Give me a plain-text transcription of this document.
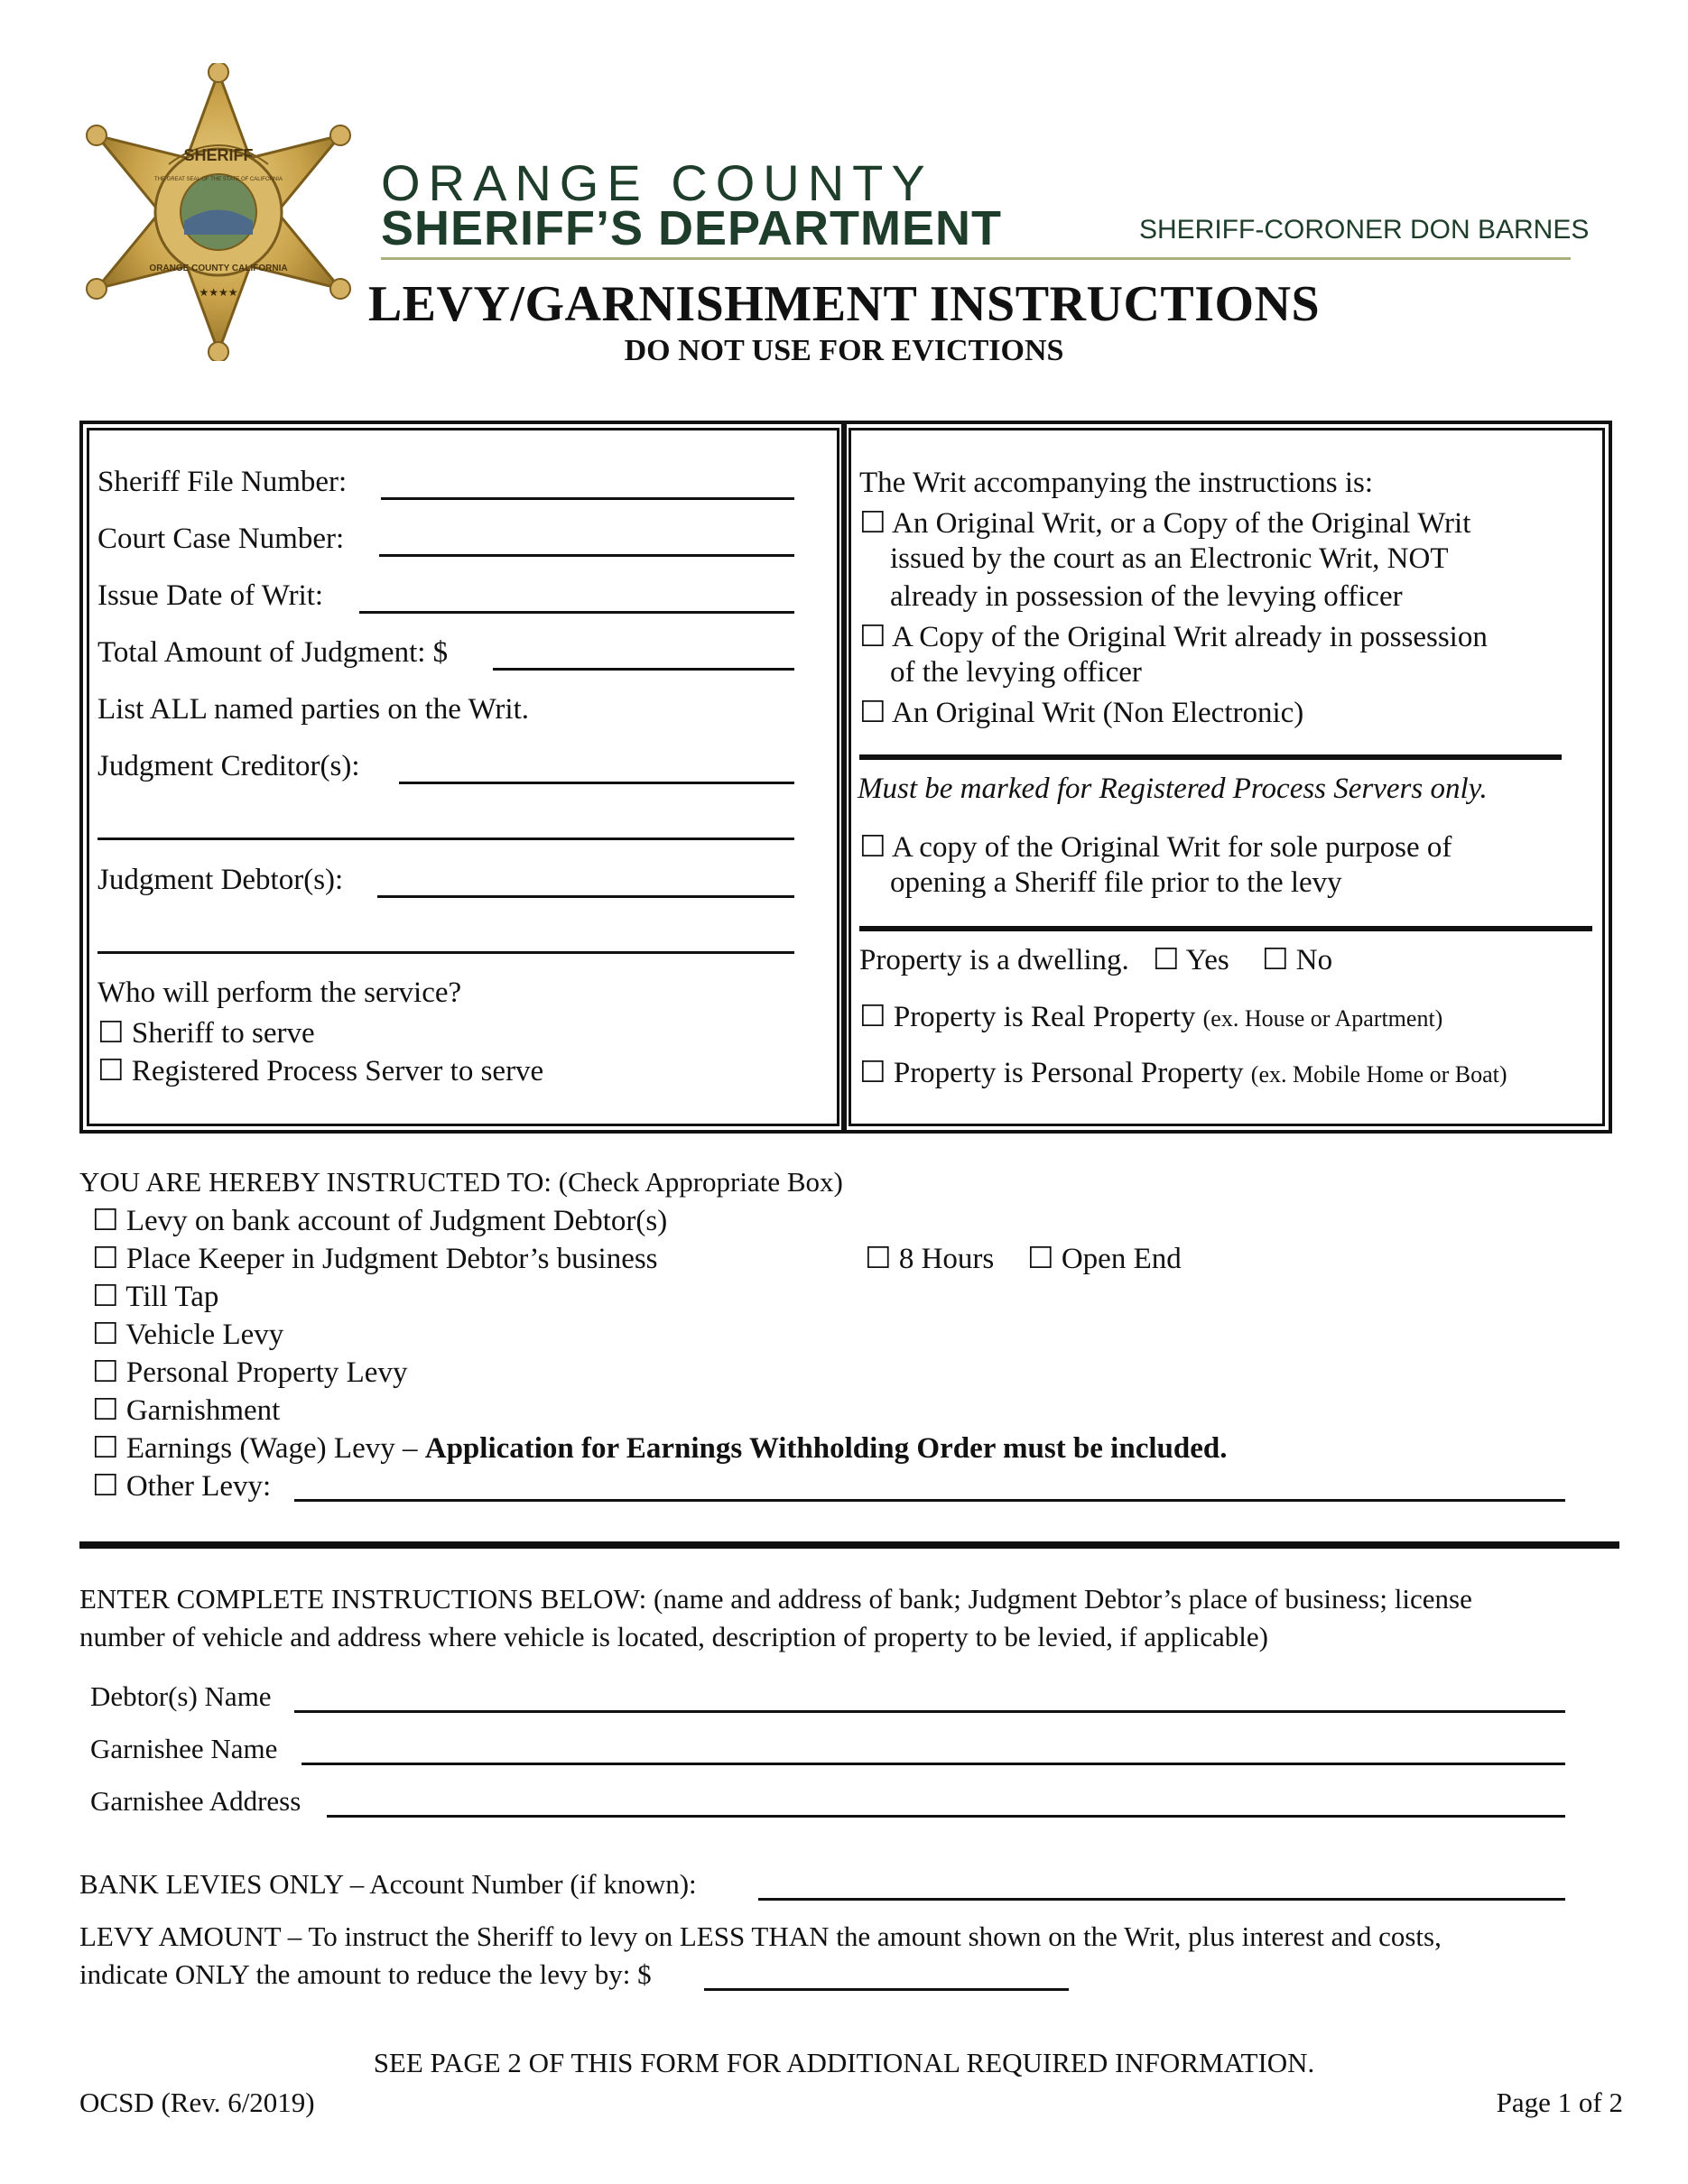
SHERIFF
THE GREAT SEAL OF THE STATE OF CALIFORNIA
ORANGE COUNTY CALIFORNIA
★★★★
ORANGE COUNTY
SHERIFF’S DEPARTMENT	SHERIFF-CORONER DON BARNES
LEVY/GARNISHMENT INSTRUCTIONS
DO NOT USE FOR EVICTIONS
Sheriff File Number:
Court Case Number:
Issue Date of Writ:
Total Amount of Judgment: $
List ALL named parties on the Writ.
Judgment Creditor(s):
Judgment Debtor(s):
Who will perform the service?
☐ Sheriff to serve
☐ Registered Process Server to serve
The Writ accompanying the instructions is:
☐ An Original Writ, or a Copy of the Original Writ
issued by the court as an Electronic Writ, NOT
already in possession of the levying officer
☐ A Copy of the Original Writ already in possession
of the levying officer
☐ An Original Writ (Non Electronic)
Must be marked for Registered Process Servers only.
☐ A copy of the Original Writ for sole purpose of
opening a Sheriff file prior to the levy
Property is a dwelling. ☐ Yes ☐ No
☐ Property is Real Property (ex. House or Apartment)
☐ Property is Personal Property (ex. Mobile Home or Boat)
YOU ARE HEREBY INSTRUCTED TO: (Check Appropriate Box)
☐ Levy on bank account of Judgment Debtor(s)
☐ Place Keeper in Judgment Debtor’s business	☐ 8 Hours ☐ Open End
☐ Till Tap
☐ Vehicle Levy
☐ Personal Property Levy
☐ Garnishment
☐ Earnings (Wage) Levy – Application for Earnings Withholding Order must be included.
☐ Other Levy:
ENTER COMPLETE INSTRUCTIONS BELOW: (name and address of bank; Judgment Debtor’s place of business; license
number of vehicle and address where vehicle is located, description of property to be levied, if applicable)
Debtor(s) Name
Garnishee Name
Garnishee Address
BANK LEVIES ONLY – Account Number (if known):
LEVY AMOUNT – To instruct the Sheriff to levy on LESS THAN the amount shown on the Writ, plus interest and costs,
indicate ONLY the amount to reduce the levy by: $
SEE PAGE 2 OF THIS FORM FOR ADDITIONAL REQUIRED INFORMATION.
OCSD (Rev. 6/2019)	Page 1 of 2
